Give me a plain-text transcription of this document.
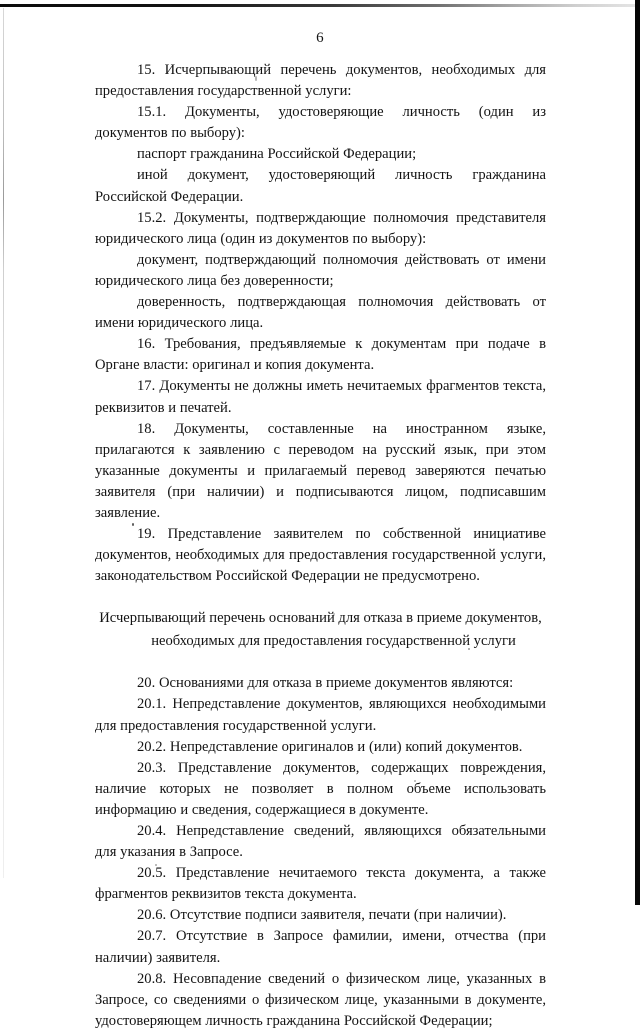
6

15. Исчерпывающий перечень документов, необходимых для предоставления государственной услуги:

15.1. Документы, удостоверяющие личность (один из документов по выбору):

паспорт гражданина Российской Федерации;

иной документ, удостоверяющий личность гражданина Российской Федерации.

15.2. Документы, подтверждающие полномочия представителя юридического лица (один из документов по выбору):

документ, подтверждающий полномочия действовать от имени юридического лица без доверенности;

доверенность, подтверждающая полномочия действовать от имени юридического лица.

16. Требования, предъявляемые к документам при подаче в Органе власти: оригинал и копия документа.

17. Документы не должны иметь нечитаемых фрагментов текста, реквизитов и печатей.

18. Документы, составленные на иностранном языке, прилагаются к заявлению с переводом на русский язык, при этом указанные документы и прилагаемый перевод заверяются печатью заявителя (при наличии) и подписываются лицом, подписавшим заявление.

19. Представление заявителем по собственной инициативе документов, необходимых для предоставления государственной услуги, законодательством Российской Федерации не предусмотрено.

Исчерпывающий перечень оснований для отказа в приеме документов,

необходимых для предоставления государственной услуги

20. Основаниями для отказа в приеме документов являются:

20.1. Непредставление документов, являющихся необходимыми для предоставления государственной услуги.

20.2. Непредставление оригиналов и (или) копий документов.

20.3. Представление документов, содержащих повреждения, наличие которых не позволяет в полном объеме использовать информацию и сведения, содержащиеся в документе.

20.4. Непредставление сведений, являющихся обязательными для указания в Запросе.

20.5. Представление нечитаемого текста документа, а также фрагментов реквизитов текста документа.

20.6. Отсутствие подписи заявителя, печати (при наличии).

20.7. Отсутствие в Запросе фамилии, имени, отчества (при наличии) заявителя.

20.8. Несовпадение сведений о физическом лице, указанных в Запросе, со сведениями о физическом лице, указанными в документе, удостоверяющем личность гражданина Российской Федерации;
